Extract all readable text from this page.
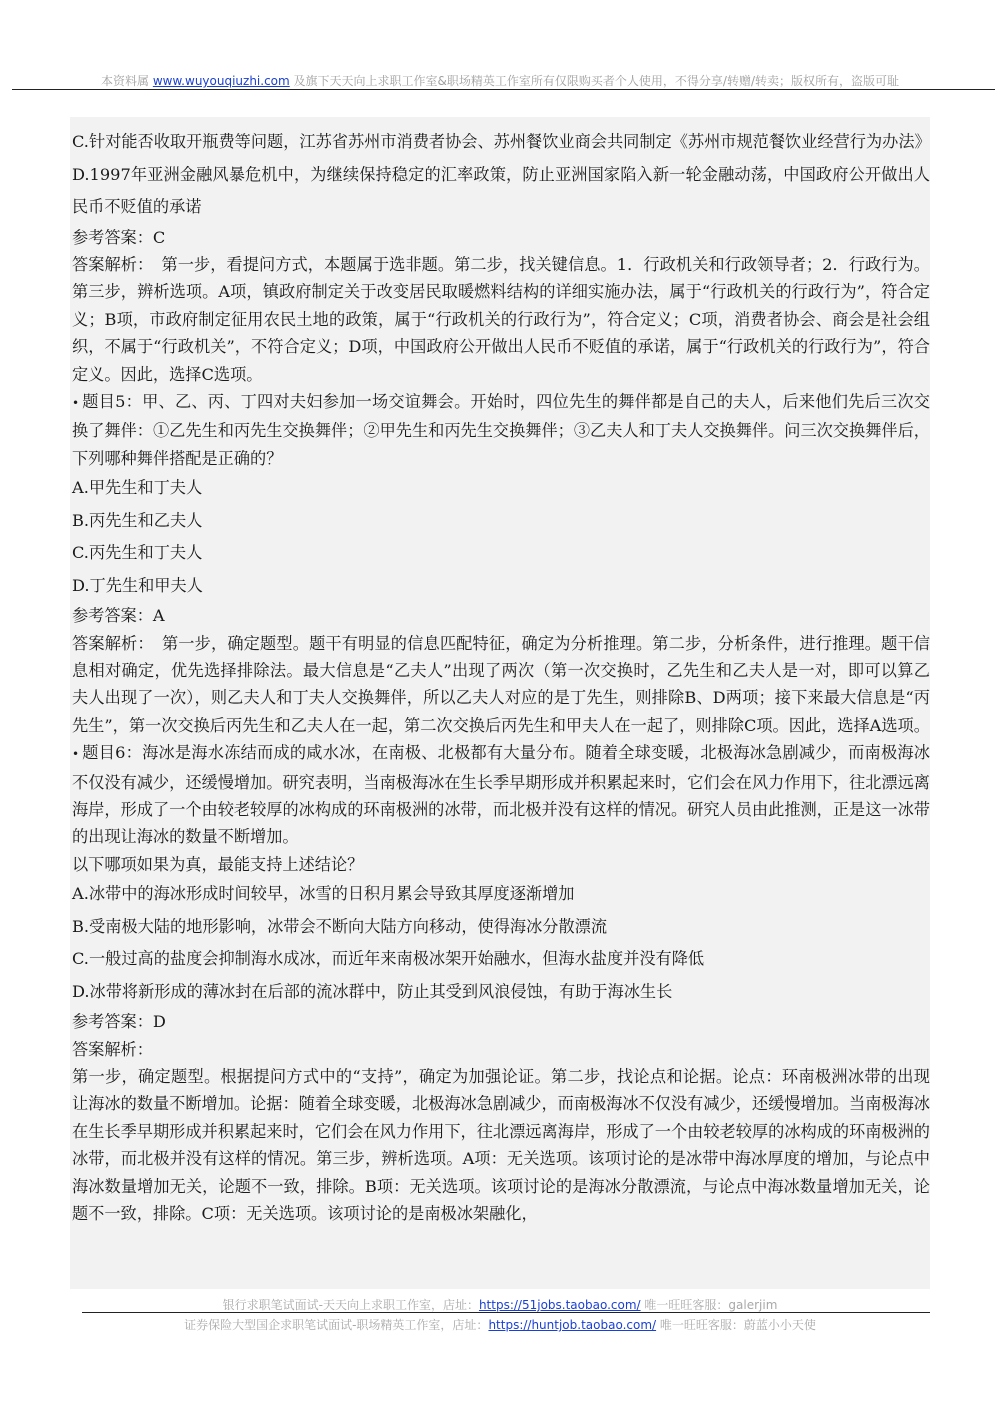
本资料属 www.wuyouqiuzhi.com 及旗下天天向上求职工作室&职场精英工作室所有仅限购买者个人使用，不得分享/转赠/转卖；版权所有，盗版可耻

C.针对能否收取开瓶费等问题，江苏省苏州市消费者协会、苏州餐饮业商会共同制定《苏州市规范餐饮业经营行为办法》

D.1997年亚洲金融风暴危机中，为继续保持稳定的汇率政策，防止亚洲国家陷入新一轮金融动荡，中国政府公开做出人民币不贬值的承诺

参考答案：C

答案解析：　第一步，看提问方式，本题属于选非题。第二步，找关键信息。1．行政机关和行政领导者；2．行政行为。第三步，辨析选项。A项，镇政府制定关于改变居民取暖燃料结构的详细实施办法，属于“行政机关的行政行为”，符合定义；B项，市政府制定征用农民土地的政策，属于“行政机关的行政行为”，符合定义；C项，消费者协会、商会是社会组织，不属于“行政机关”，不符合定义；D项，中国政府公开做出人民币不贬值的承诺，属于“行政机关的行政行为”，符合定义。因此，选择C选项。

• 题目5：甲、乙、丙、丁四对夫妇参加一场交谊舞会。开始时，四位先生的舞伴都是自己的夫人，后来他们先后三次交换了舞伴：①乙先生和丙先生交换舞伴；②甲先生和丙先生交换舞伴；③乙夫人和丁夫人交换舞伴。问三次交换舞伴后，下列哪种舞伴搭配是正确的？

A.甲先生和丁夫人

B.丙先生和乙夫人

C.丙先生和丁夫人

D.丁先生和甲夫人

参考答案：A

答案解析：　第一步，确定题型。题干有明显的信息匹配特征，确定为分析推理。第二步，分析条件，进行推理。题干信息相对确定，优先选择排除法。最大信息是“乙夫人”出现了两次（第一次交换时，乙先生和乙夫人是一对，即可以算乙夫人出现了一次），则乙夫人和丁夫人交换舞伴，所以乙夫人对应的是丁先生，则排除B、D两项；接下来最大信息是“丙先生”，第一次交换后丙先生和乙夫人在一起，第二次交换后丙先生和甲夫人在一起了，则排除C项。因此，选择A选项。

• 题目6：海冰是海水冻结而成的咸水冰，在南极、北极都有大量分布。随着全球变暖，北极海冰急剧减少，而南极海冰不仅没有减少，还缓慢增加。研究表明，当南极海冰在生长季早期形成并积累起来时，它们会在风力作用下，往北漂远离海岸，形成了一个由较老较厚的冰构成的环南极洲的冰带，而北极并没有这样的情况。研究人员由此推测，正是这一冰带的出现让海冰的数量不断增加。

以下哪项如果为真，最能支持上述结论？

A.冰带中的海冰形成时间较早，冰雪的日积月累会导致其厚度逐渐增加

B.受南极大陆的地形影响，冰带会不断向大陆方向移动，使得海冰分散漂流

C.一般过高的盐度会抑制海水成冰，而近年来南极冰架开始融水，但海水盐度并没有降低

D.冰带将新形成的薄冰封在后部的流冰群中，防止其受到风浪侵蚀，有助于海冰生长

参考答案：D

答案解析：

第一步，确定题型。根据提问方式中的“支持”，确定为加强论证。第二步，找论点和论据。论点：环南极洲冰带的出现让海冰的数量不断增加。论据：随着全球变暖，北极海冰急剧减少，而南极海冰不仅没有减少，还缓慢增加。当南极海冰在生长季早期形成并积累起来时，它们会在风力作用下，往北漂远离海岸，形成了一个由较老较厚的冰构成的环南极洲的冰带，而北极并没有这样的情况。第三步，辨析选项。A项：无关选项。该项讨论的是冰带中海冰厚度的增加，与论点中海冰数量增加无关，论题不一致，排除。B项：无关选项。该项讨论的是海冰分散漂流，与论点中海冰数量增加无关，论题不一致，排除。C项：无关选项。该项讨论的是南极冰架融化，

银行求职笔试面试-天天向上求职工作室，店址：https://51jobs.taobao.com/ 唯一旺旺客服：galerjim
证券保险大型国企求职笔试面试-职场精英工作室，店址：https://huntjob.taobao.com/ 唯一旺旺客服：蔚蓝小小天使
